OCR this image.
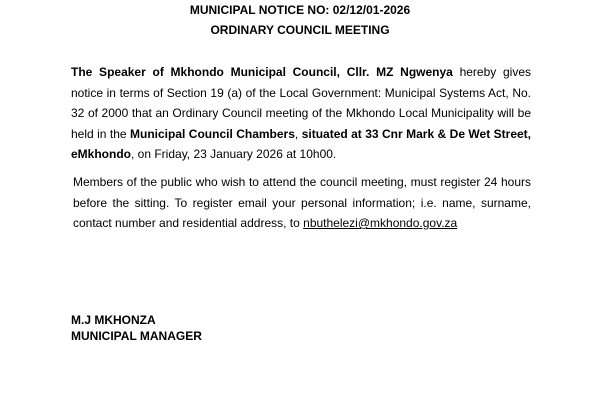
MUNICIPAL NOTICE NO: 02/12/01-2026
ORDINARY COUNCIL MEETING

The Speaker of Mkhondo Municipal Council, Cllr. MZ Ngwenya hereby gives notice in terms of Section 19 (a) of the Local Government: Municipal Systems Act, No. 32 of 2000 that an Ordinary Council meeting of the Mkhondo Local Municipality will be held in the Municipal Council Chambers, situated at 33 Cnr Mark & De Wet Street, eMkhondo, on Friday, 23 January 2026 at 10h00.

Members of the public who wish to attend the council meeting, must register 24 hours before the sitting. To register email your personal information; i.e. name, surname, contact number and residential address, to nbuthelezi@mkhondo.gov.za

M.J MKHONZA
MUNICIPAL MANAGER
